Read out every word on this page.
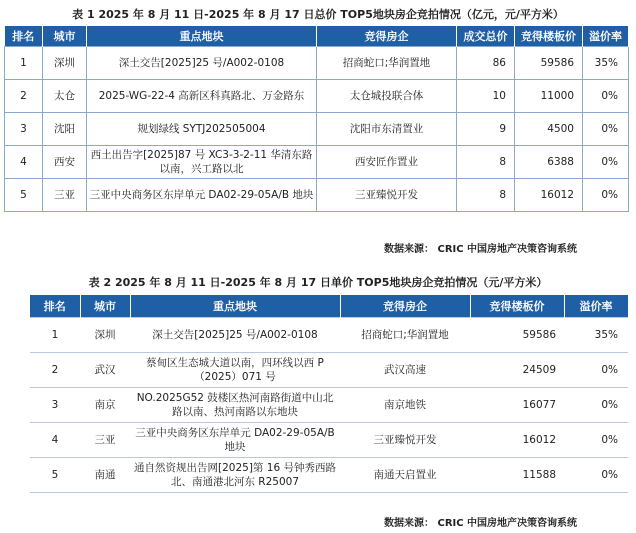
表 1 2025 年 8 月 11 日-2025 年 8 月 17 日总价 TOP5地块房企竞拍情况（亿元，元/平方米）
排名	城市	重点地块	竞得房企	成交总价	竞得楼板价	溢价率
1	深圳	深土交告[2025]25 号/A002-0108	招商蛇口;华润置地	86	59586	35%
2	太仓	2025-WG-22-4 高新区科真路北、万金路东	太仓城投联合体	10	11000	0%
3	沈阳	规划绿线 SYTJ202505004	沈阳市东清置业	9	4500	0%
4	西安	西土出告字[2025]87 号 XC3-3-2-11 华清东路以南，兴工路以北	西安匠作置业	8	6388	0%
5	三亚	三亚中央商务区东岸单元 DA02-29-05A/B 地块	三亚臻悦开发	8	16012	0%
数据来源： CRIC 中国房地产决策咨询系统
表 2 2025 年 8 月 11 日-2025 年 8 月 17 日单价 TOP5地块房企竞拍情况（元/平方米）
排名	城市	重点地块	竞得房企	竞得楼板价	溢价率
1	深圳	深土交告[2025]25 号/A002-0108	招商蛇口;华润置地	59586	35%
2	武汉	蔡甸区生态城大道以南，四环线以西 P（2025）071 号	武汉高速	24509	0%
3	南京	NO.2025G52 鼓楼区热河南路街道中山北路以南、热河南路以东地块	南京地铁	16077	0%
4	三亚	三亚中央商务区东岸单元 DA02-29-05A/B 地块	三亚臻悦开发	16012	0%
5	南通	通自然资规出告网[2025]第 16 号钟秀西路北、南通港北河东 R25007	南通天启置业	11588	0%
数据来源： CRIC 中国房地产决策咨询系统
